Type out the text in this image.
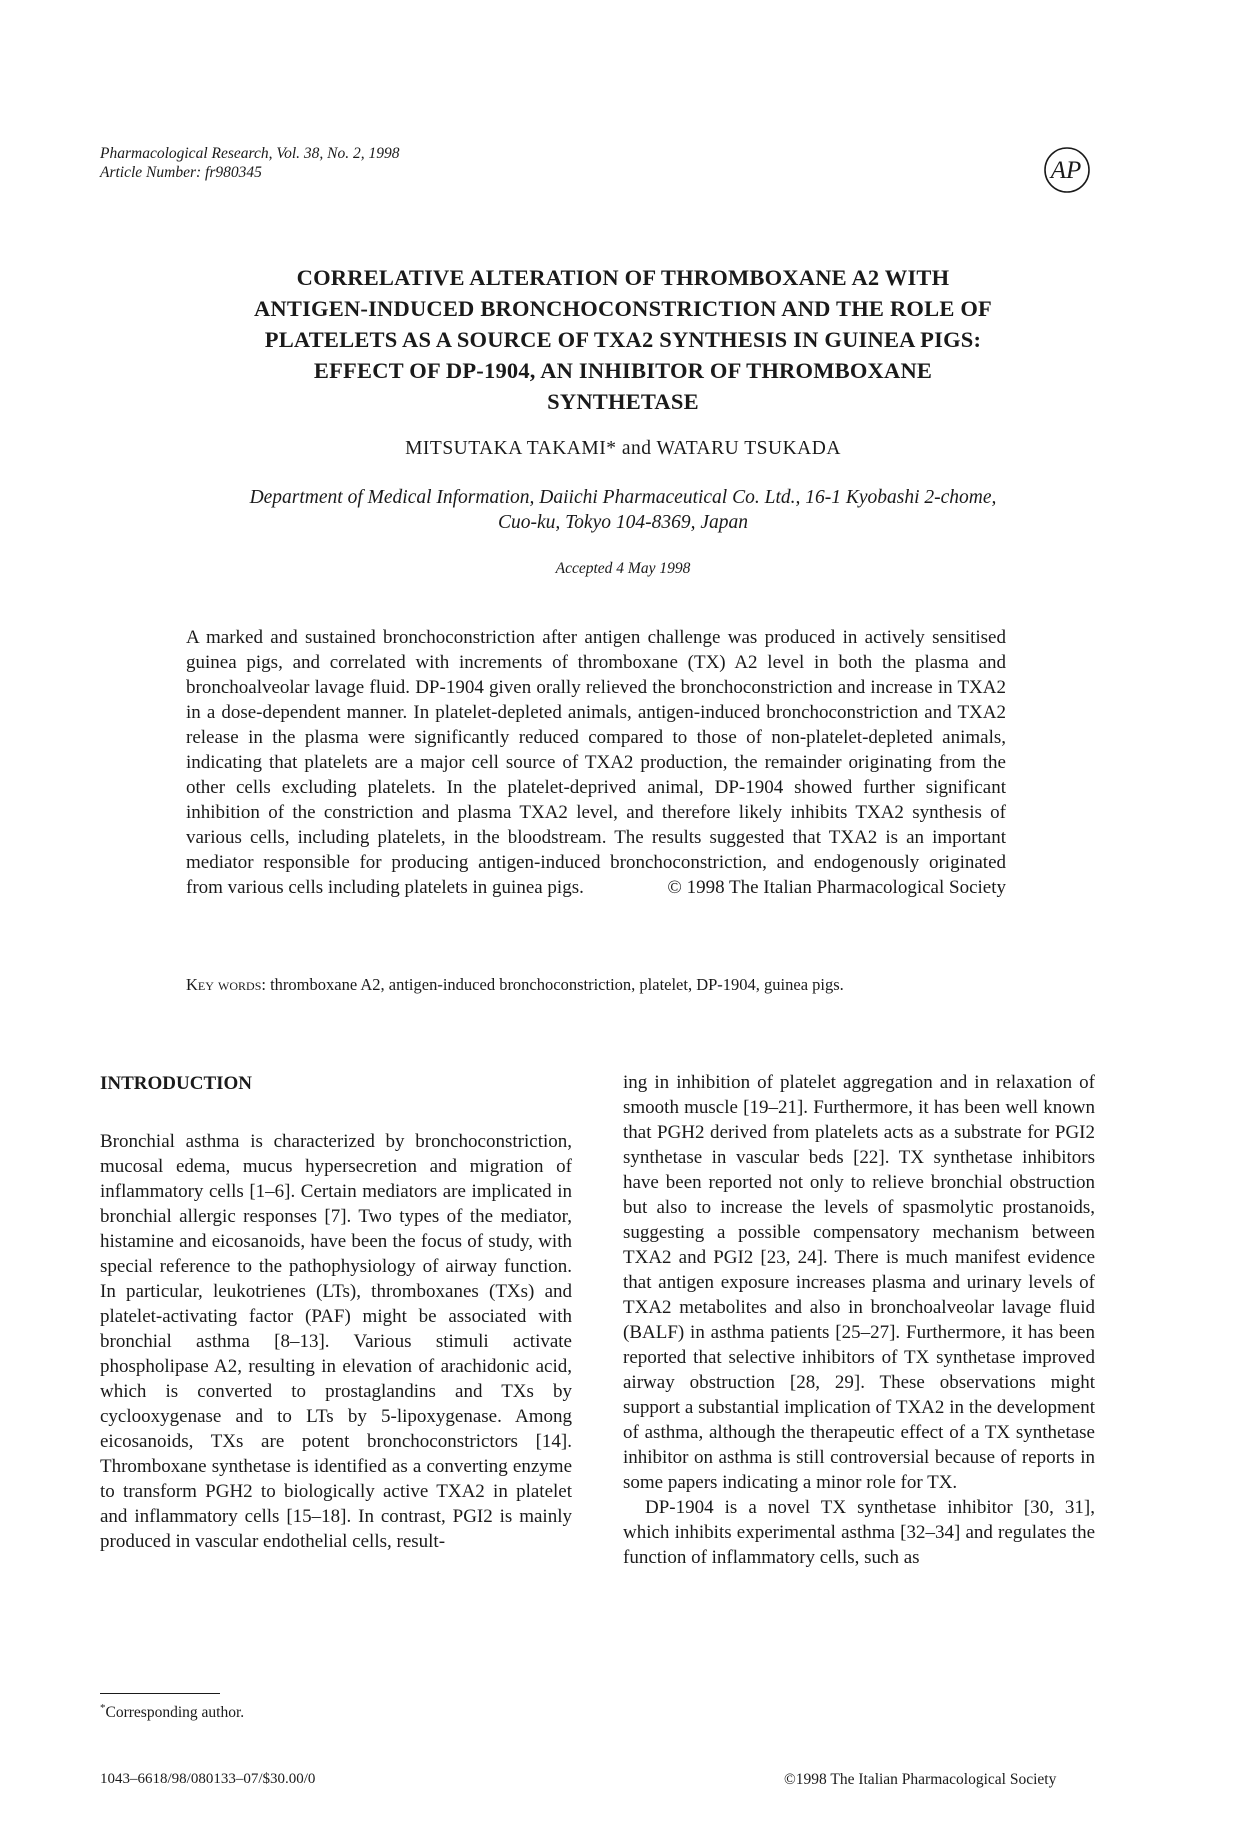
Pharmacological Research, Vol. 38, No. 2, 1998
Article Number: fr980345	AP
CORRELATIVE ALTERATION OF THROMBOXANE A2 WITH
ANTIGEN-INDUCED BRONCHOCONSTRICTION AND THE ROLE OF
PLATELETS AS A SOURCE OF TXA2 SYNTHESIS IN GUINEA PIGS:
EFFECT OF DP-1904, AN INHIBITOR OF THROMBOXANE
SYNTHETASE
MITSUTAKA TAKAMI* and WATARU TSUKADA
Department of Medical Information, Daiichi Pharmaceutical Co. Ltd., 16-1 Kyobashi 2-chome,
Cuo-ku, Tokyo 104-8369, Japan
Accepted 4 May 1998
A marked and sustained bronchoconstriction after antigen challenge was produced in actively sensitised guinea pigs, and correlated with increments of thromboxane (TX) A2 level in both the plasma and bronchoalveolar lavage fluid. DP-1904 given orally relieved the bronchoconstriction and increase in TXA2 in a dose-dependent manner. In platelet-depleted animals, antigen-induced bronchoconstriction and TXA2 release in the plasma were significantly reduced compared to those of non-platelet-depleted animals, indicating that platelets are a major cell source of TXA2 production, the remainder originating from the other cells excluding platelets. In the platelet-deprived animal, DP-1904 showed further significant inhibition of the constriction and plasma TXA2 level, and therefore likely inhibits TXA2 synthesis of various cells, including platelets, in the bloodstream. The results suggested that TXA2 is an important mediator responsible for producing antigen-induced bronchoconstriction, and endogenously originated from various cells including platelets in guinea pigs.	© 1998 The Italian Pharmacological Society
Key words: thromboxane A2, antigen-induced bronchoconstriction, platelet, DP-1904, guinea pigs.
INTRODUCTION

Bronchial asthma is characterized by bronchoconstriction, mucosal edema, mucus hypersecretion and migration of inflammatory cells [1–6]. Certain mediators are implicated in bronchial allergic responses [7]. Two types of the mediator, histamine and eicosanoids, have been the focus of study, with special reference to the pathophysiology of airway function. In particular, leukotrienes (LTs), thromboxanes (TXs) and platelet-activating factor (PAF) might be associated with bronchial asthma [8–13]. Various stimuli activate phospholipase A2, resulting in elevation of arachidonic acid, which is converted to prostaglandins and TXs by cyclooxygenase and to LTs by 5-lipoxygenase. Among eicosanoids, TXs are potent bronchoconstrictors [14]. Thromboxane synthetase is identified as a converting enzyme to transform PGH2 to biologically active TXA2 in platelet and inflammatory cells [15–18]. In contrast, PGI2 is mainly produced in vascular endothelial cells, result-

ing in inhibition of platelet aggregation and in relaxation of smooth muscle [19–21]. Furthermore, it has been well known that PGH2 derived from platelets acts as a substrate for PGI2 synthetase in vascular beds [22]. TX synthetase inhibitors have been reported not only to relieve bronchial obstruction but also to increase the levels of spasmolytic prostanoids, suggesting a possible compensatory mechanism between TXA2 and PGI2 [23, 24]. There is much manifest evidence that antigen exposure increases plasma and urinary levels of TXA2 metabolites and also in bronchoalveolar lavage fluid (BALF) in asthma patients [25–27]. Furthermore, it has been reported that selective inhibitors of TX synthetase improved airway obstruction [28, 29]. These observations might support a substantial implication of TXA2 in the development of asthma, although the therapeutic effect of a TX synthetase inhibitor on asthma is still controversial because of reports in some papers indicating a minor role for TX.

DP-1904 is a novel TX synthetase inhibitor [30, 31], which inhibits experimental asthma [32–34] and regulates the function of inflammatory cells, such as

*Corresponding author.
1043–6618/98/080133–07/$30.00/0	©1998 The Italian Pharmacological Society
